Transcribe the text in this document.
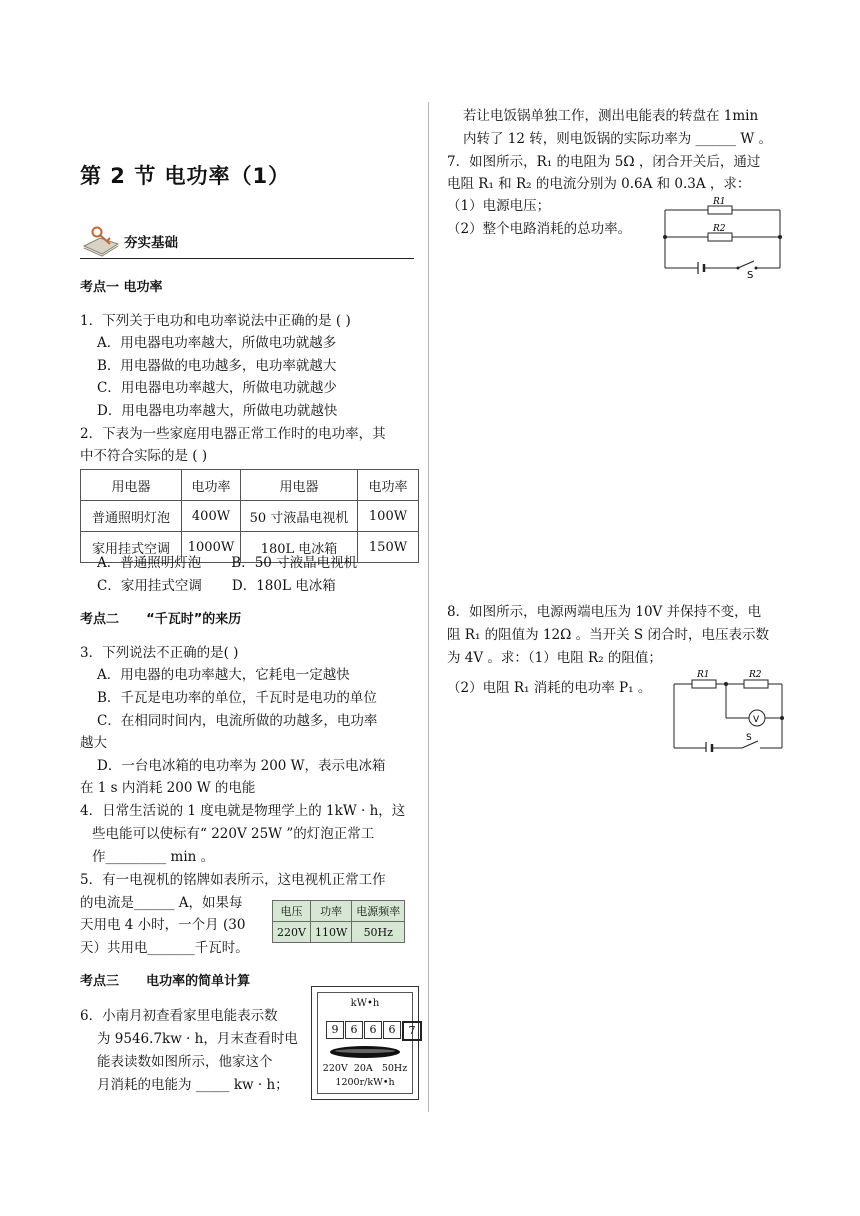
第 2 节 电功率（1）
夯实基础
考点一 电功率
1．下列关于电功和电功率说法中正确的是 ( )
A．用电器电功率越大，所做电功就越多
B．用电器做的电功越多，电功率就越大
C．用电器电功率越大，所做电功就越少
D．用电器电功率越大，所做电功就越快
2．下表为一些家庭用电器正常工作时的电功率，其
中不符合实际的是 ( )
用电器	电功率	用电器	电功率
普通照明灯泡	400W	50 寸液晶电视机	100W
家用挂式空调	1000W	180L 电冰箱	150W
A．普通照明灯泡       B．50 寸液晶电视机
C．家用挂式空调       D．180L 电冰箱
考点二      “千瓦时”的来历
3．下列说法不正确的是( )
A．用电器的电功率越大，它耗电一定越快
B．千瓦是电功率的单位，千瓦时是电功的单位
C．在相同时间内，电流所做的功越多，电功率
越大
D．一台电冰箱的电功率为 200 W，表示电冰箱
在 1 s 内消耗 200 W 的电能
4．日常生活说的 1 度电就是物理学上的 1kW · h，这
些电能可以使标有“ 220V 25W ”的灯泡正常工
作_________ min 。
5．有一电视机的铭牌如表所示，这电视机正常工作
的电流是______ A，如果每
天用电 4 小时，一个月 (30
天）共用电_______千瓦时。
电压	功率	电源频率
220V	110W	50Hz
考点三      电功率的简单计算
6．小南月初查看家里电能表示数
为 9546.7kw · h，月末查看时电
能表读数如图所示，他家这个
月消耗的电能为 _____ kw · h；
kW•h
9	6	6	6	7
220V  20A   50Hz
1200r/kW•h
若让电饭锅单独工作，测出电能表的转盘在 1min
内转了 12 转，则电饭锅的实际功率为 ______ W 。
7．如图所示，R₁ 的电阻为 5Ω ，闭合开关后，通过
电阻 R₁ 和 R₂ 的电流分别为 0.6A 和 0.3A ，求：
（1）电源电压；
（2）整个电路消耗的总功率。
R1
R2
S
8．如图所示，电源两端电压为 10V 并保持不变，电
阻 R₁ 的阻值为 12Ω 。当开关 S 闭合时，电压表示数
为 4V 。求：（1）电阻 R₂ 的阻值；
（2）电阻 R₁ 消耗的电功率 P₁ 。
R1	R2
V
S
